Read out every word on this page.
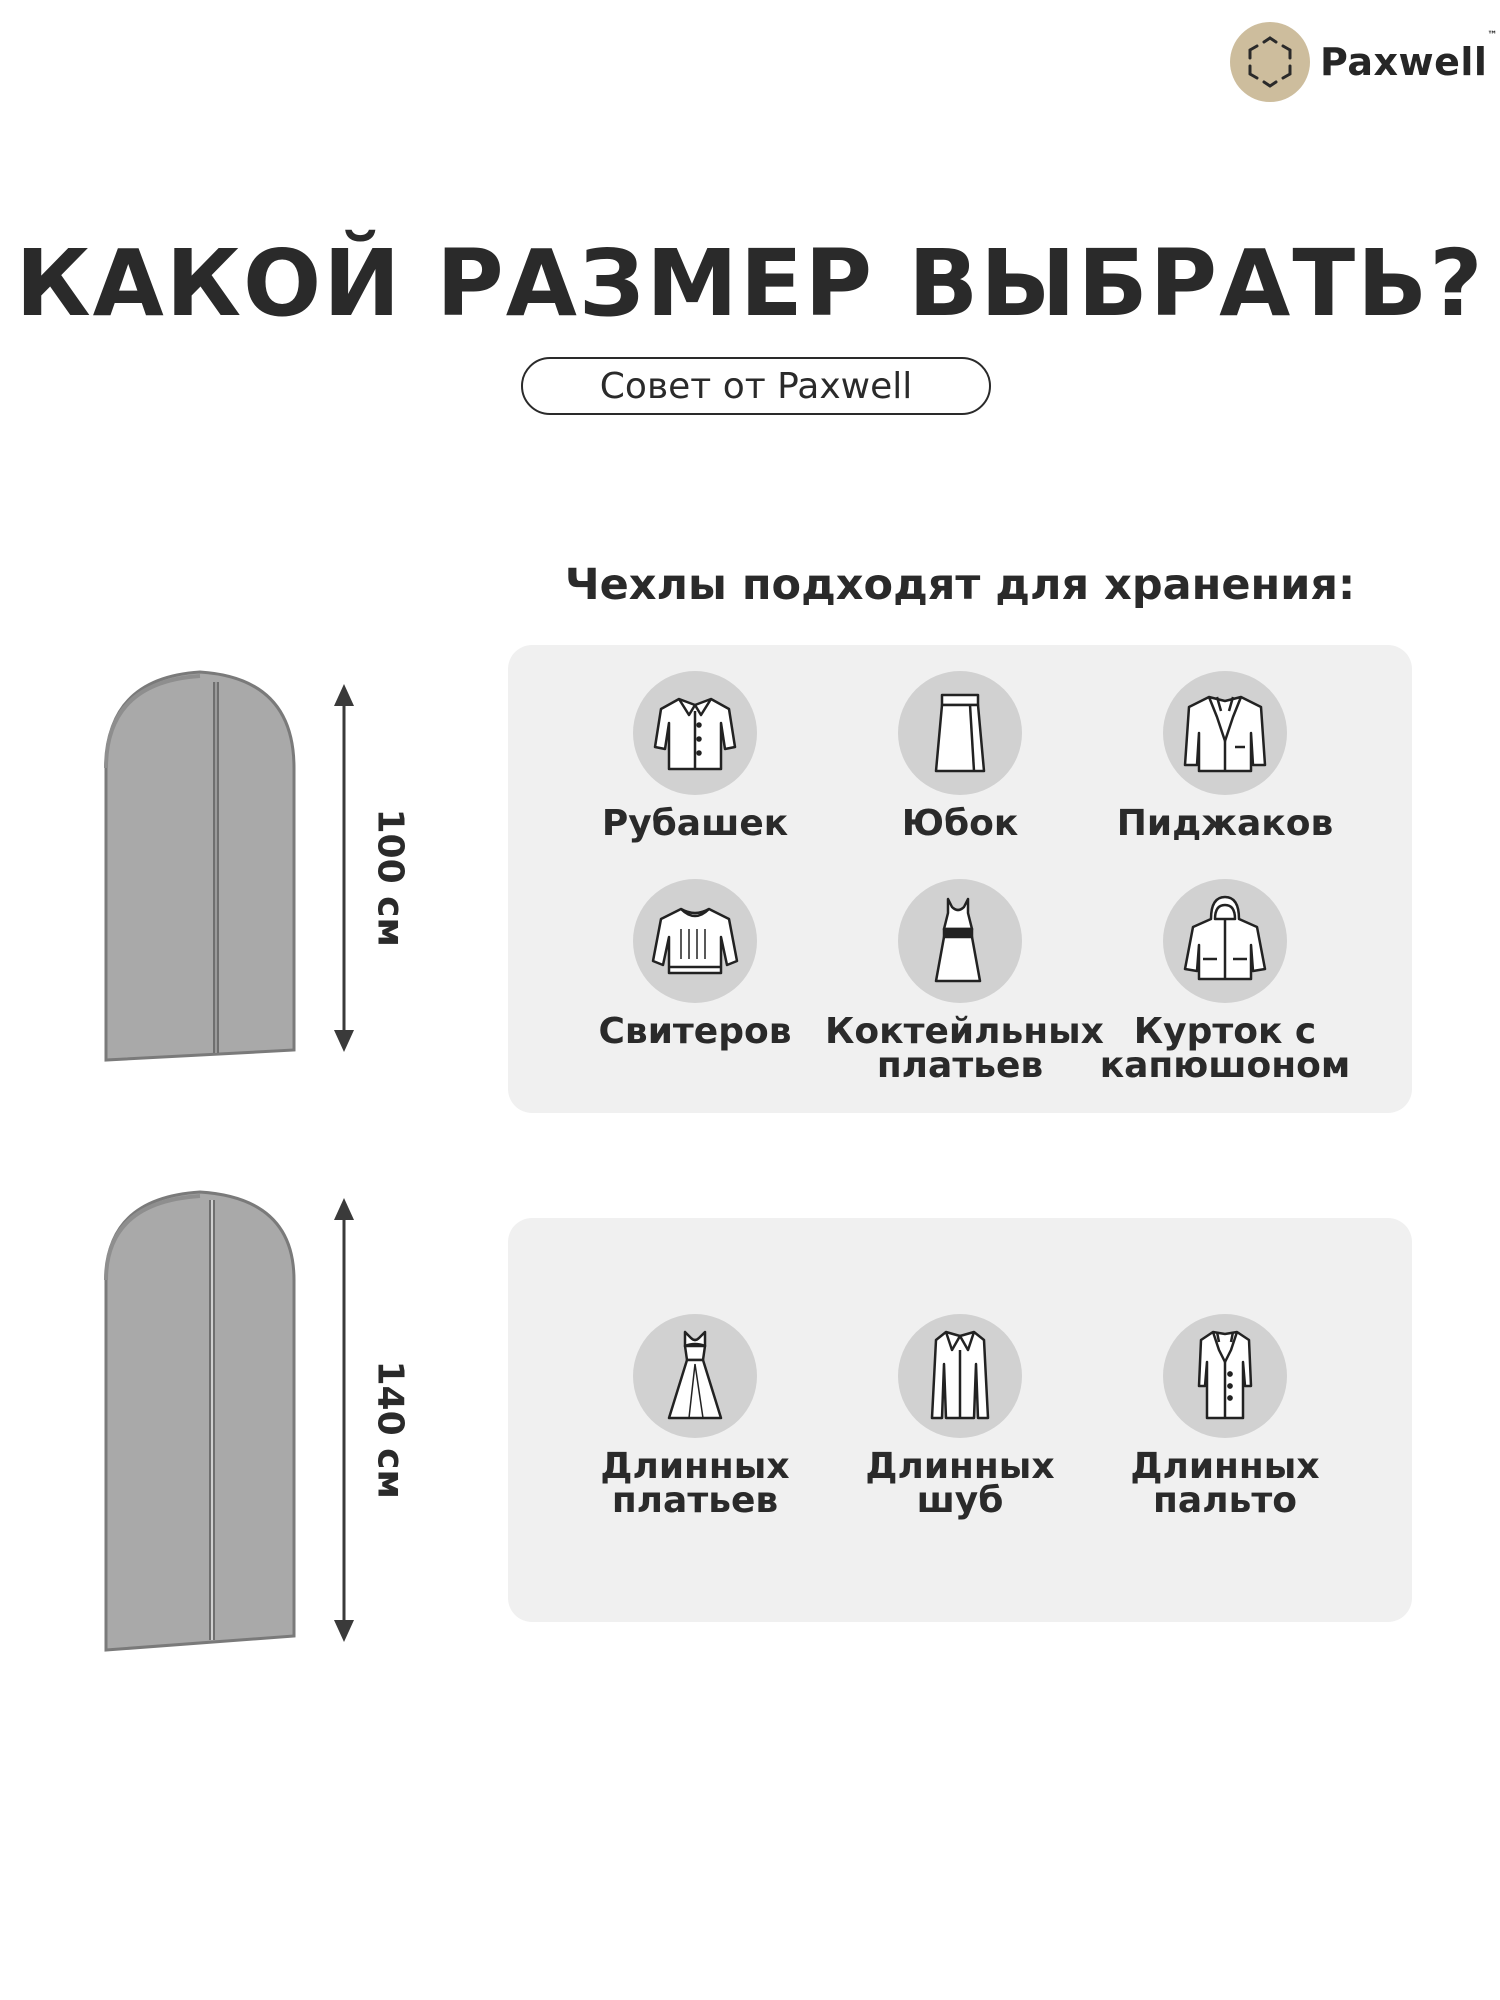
Paxwell™
КАКОЙ РАЗМЕР ВЫБРАТЬ?
Совет от Paxwell
Чехлы подходят для хранения:
100 см
140 см
Рубашек	Юбок	Пиджаков
Свитеров Коктейльных
платьев
Курток с
капюшоном
Длинных
платьев
Длинных
шуб
Длинных
пальто
